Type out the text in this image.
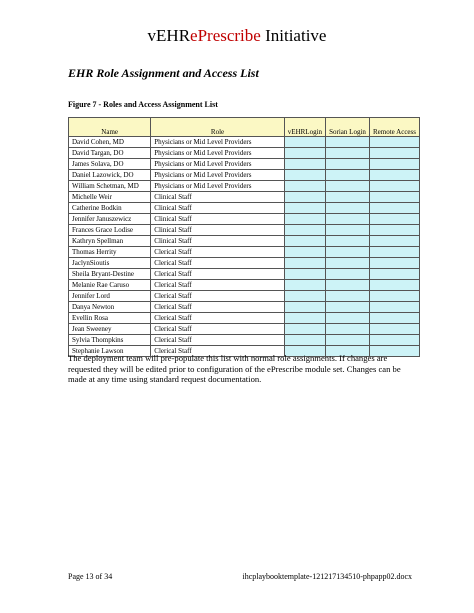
vEHRePrescribe Initiative
EHR Role Assignment and Access List
Figure 7 - Roles and Access Assignment List
Name	Role	vEHRLogin	Sorian Login	Remote Access
David Cohen, MD	Physicians or Mid Level Providers			
David Targan, DO	Physicians or Mid Level Providers			
James Solava, DO	Physicians or Mid Level Providers			
Daniel Lazowick, DO	Physicians or Mid Level Providers			
William Schetman, MD	Physicians or Mid Level Providers			
Michelle Weir	Clinical Staff			
Catherine Bodkin	Clinical Staff			
Jennifer Januszewicz	Clinical Staff			
Frances Grace Lodise	Clinical Staff			
Kathryn Spellman	Clinical Staff			
Thomas Herrity	Clerical Staff			
JaclynSioutis	Clerical Staff			
Sheila Bryant-Destine	Clerical Staff			
Melanie Rae Caruso	Clerical Staff			
Jennifer Lord	Clerical Staff			
Danya Newton	Clerical Staff			
Evellin Rosa	Clerical Staff			
Jean Sweeney	Clerical Staff			
Sylvia Thompkins	Clerical Staff			
Stephanie Lawson	Clerical Staff			
The deployment team will pre-populate this list with normal role assignments. If changes are requested they will be edited prior to configuration of the ePrescribe module set. Changes can be made at any time using standard request documentation.
Page 13 of 34	ihcplaybooktemplate-121217134510-phpapp02.docx
